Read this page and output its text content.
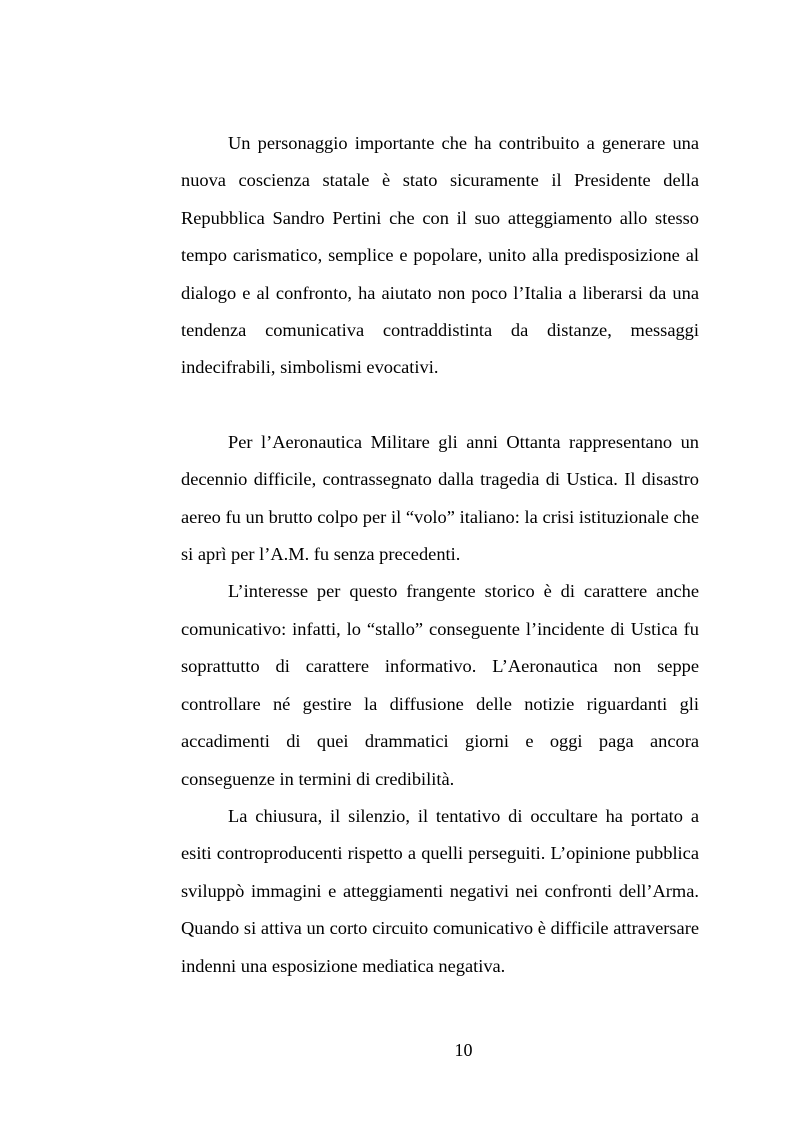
Un personaggio importante che ha contribuito a generare una nuova coscienza statale è stato sicuramente il Presidente della Repubblica Sandro Pertini che con il suo atteggiamento allo stesso tempo carismatico, semplice e popolare, unito alla predisposizione al dialogo e al confronto, ha aiutato non poco l’Italia a liberarsi da una tendenza comunicativa contraddistinta da distanze, messaggi indecifrabili, simbolismi evocativi.

Per l’Aeronautica Militare gli anni Ottanta rappresentano un decennio difficile, contrassegnato dalla tragedia di Ustica. Il disastro aereo fu un brutto colpo per il “volo” italiano: la crisi istituzionale che si aprì per l’A.M. fu senza precedenti.

L’interesse per questo frangente storico è di carattere anche comunicativo: infatti, lo “stallo” conseguente l’incidente di Ustica fu soprattutto di carattere informativo. L’Aeronautica non seppe controllare né gestire la diffusione delle notizie riguardanti gli accadimenti di quei drammatici giorni e oggi paga ancora conseguenze in termini di credibilità.

La chiusura, il silenzio, il tentativo di occultare ha portato a esiti controproducenti rispetto a quelli perseguiti. L’opinione pubblica sviluppò immagini e atteggiamenti negativi nei confronti dell’Arma. Quando si attiva un corto circuito comunicativo è difficile attraversare indenni una esposizione mediatica negativa.

10
